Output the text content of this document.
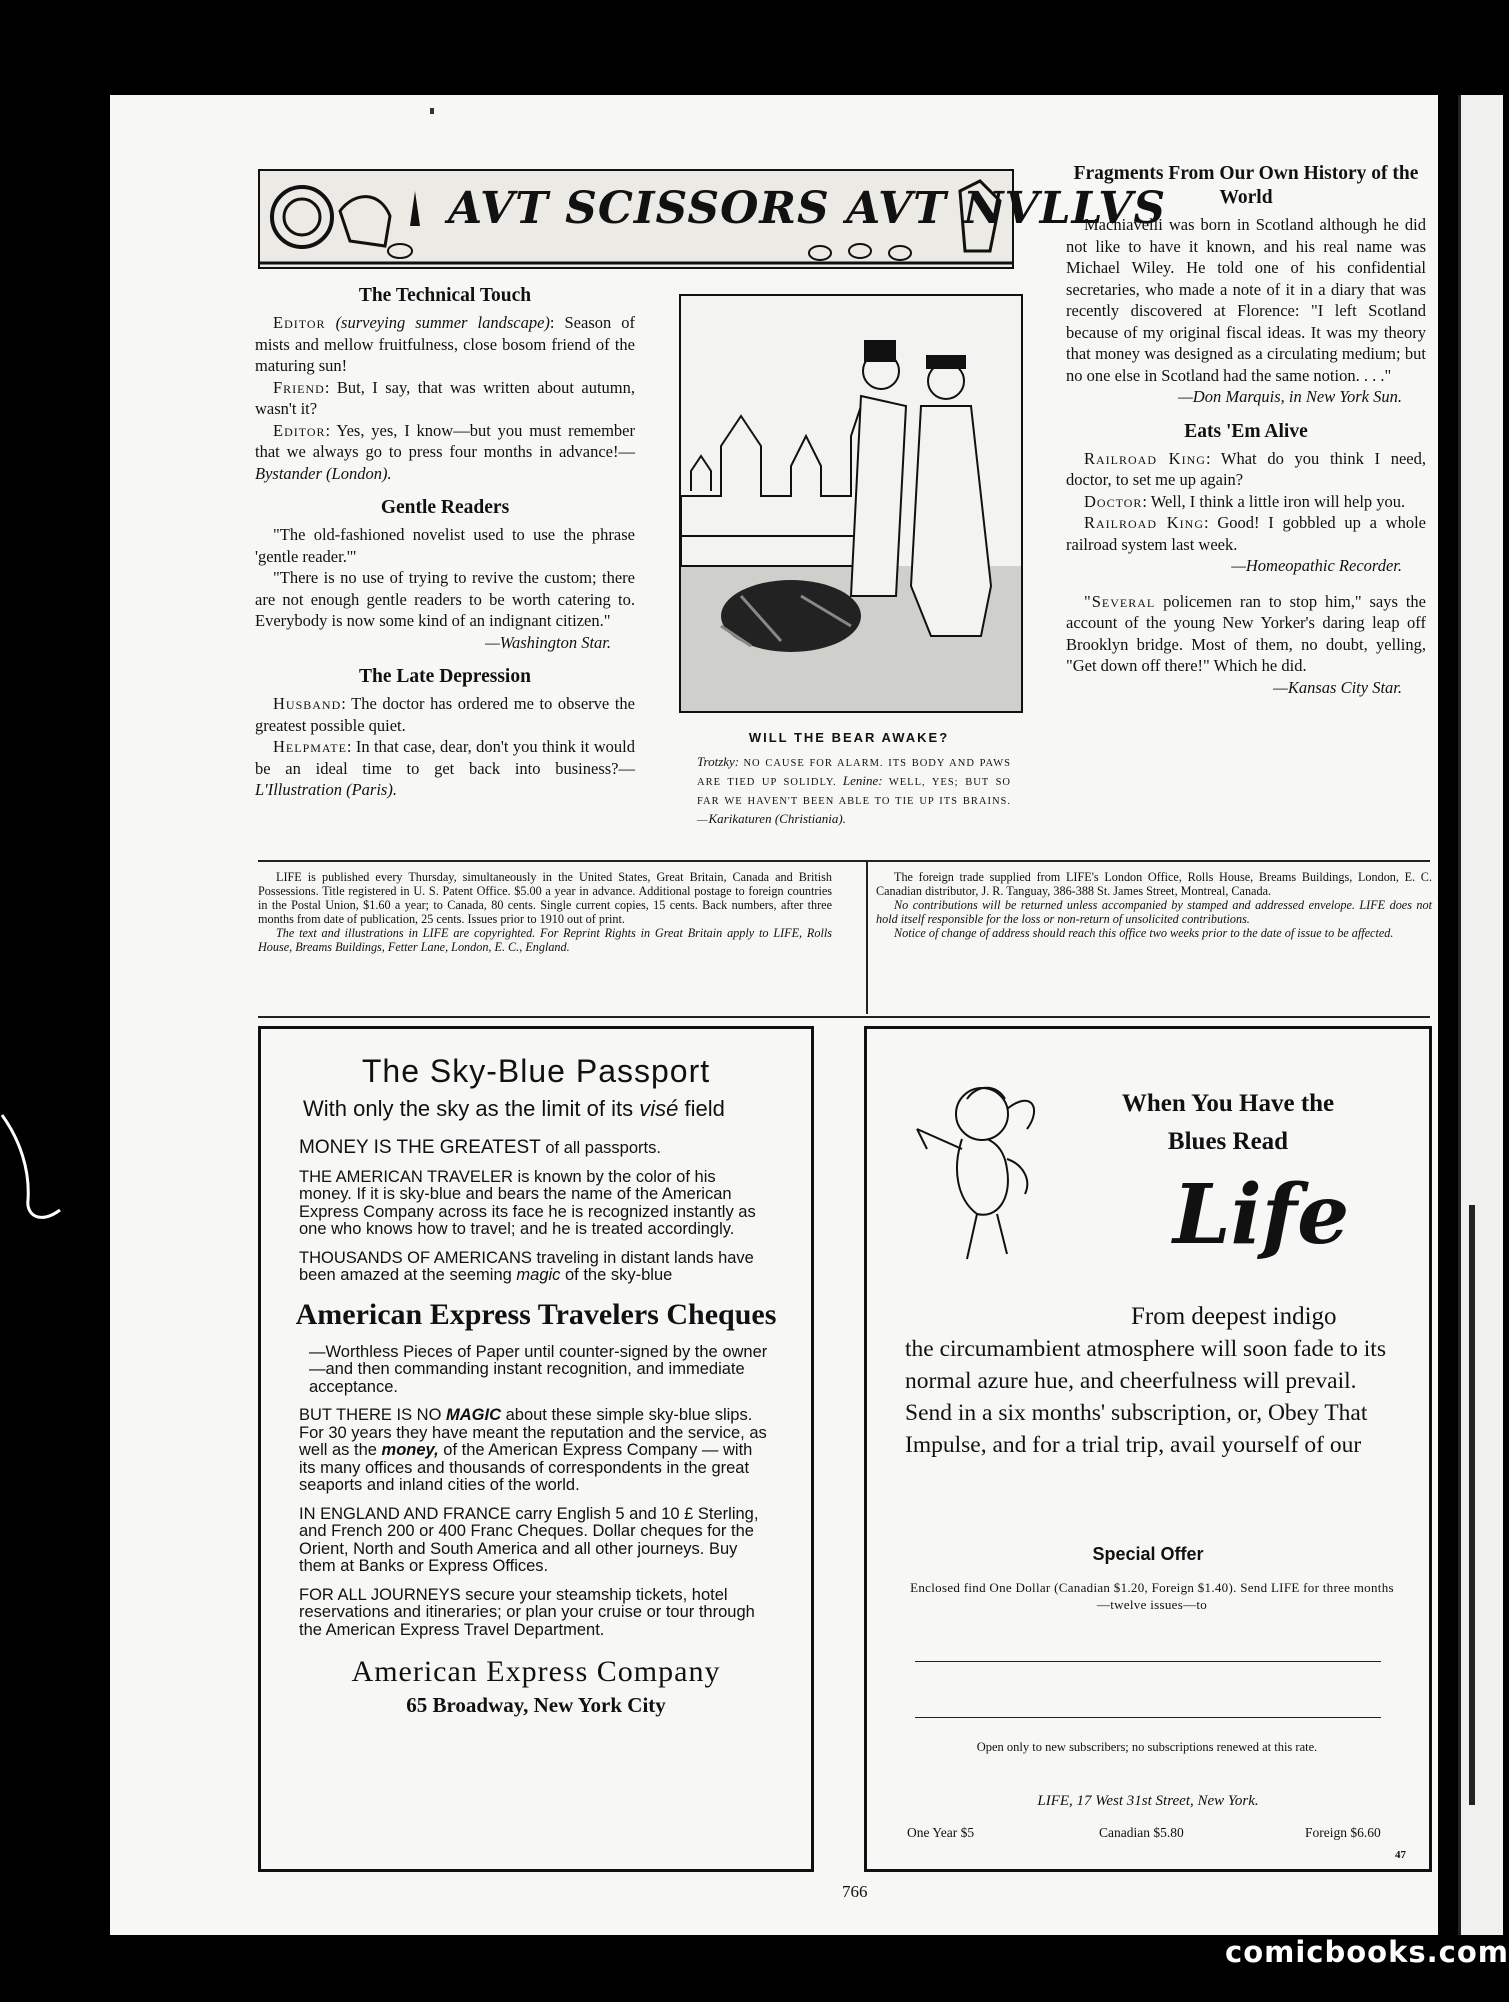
AVT SCISSORS AVT NVLLVS
The Technical Touch

Editor (surveying summer landscape): Season of mists and mellow fruitfulness, close bosom friend of the maturing sun!

Friend: But, I say, that was written about autumn, wasn't it?

Editor: Yes, yes, I know—but you must remember that we always go to press four months in advance!—Bystander (London).

Gentle Readers

"The old-fashioned novelist used to use the phrase 'gentle reader.'"

"There is no use of trying to revive the custom; there are not enough gentle readers to be worth catering to. Everybody is now some kind of an indignant citizen."

—Washington Star.

The Late Depression

Husband: The doctor has ordered me to observe the greatest possible quiet.

Helpmate: In that case, dear, don't you think it would be an ideal time to get back into business?—L'Illustration (Paris).

WILL THE BEAR AWAKE?
Trotzky: NO CAUSE FOR ALARM. ITS BODY AND PAWS ARE TIED UP SOLIDLY. Lenine: WELL, YES; BUT SO FAR WE HAVEN'T BEEN ABLE TO TIE UP ITS BRAINS.—Karikaturen (Christiania).
Fragments From Our Own History of the World

Machiavelli was born in Scotland although he did not like to have it known, and his real name was Michael Wiley. He told one of his confidential secretaries, who made a note of it in a diary that was recently discovered at Florence: "I left Scotland because of my original fiscal ideas. It was my theory that money was designed as a circulating medium; but no one else in Scotland had the same notion. . . ."

—Don Marquis, in New York Sun.

Eats 'Em Alive

Railroad King: What do you think I need, doctor, to set me up again?

Doctor: Well, I think a little iron will help you.

Railroad King: Good! I gobbled up a whole railroad system last week.

—Homeopathic Recorder.

"Several policemen ran to stop him," says the account of the young New Yorker's daring leap off Brooklyn bridge. Most of them, no doubt, yelling, "Get down off there!" Which he did.

—Kansas City Star.

LIFE is published every Thursday, simultaneously in the United States, Great Britain, Canada and British Possessions. Title registered in U. S. Patent Office. $5.00 a year in advance. Additional postage to foreign countries in the Postal Union, $1.60 a year; to Canada, 80 cents. Single current copies, 15 cents. Back numbers, after three months from date of publication, 25 cents. Issues prior to 1910 out of print.

The text and illustrations in LIFE are copyrighted. For Reprint Rights in Great Britain apply to LIFE, Rolls House, Breams Buildings, Fetter Lane, London, E. C., England.

The foreign trade supplied from LIFE's London Office, Rolls House, Breams Buildings, London, E. C. Canadian distributor, J. R. Tanguay, 386-388 St. James Street, Montreal, Canada.

No contributions will be returned unless accompanied by stamped and addressed envelope. LIFE does not hold itself responsible for the loss or non-return of unsolicited contributions.

Notice of change of address should reach this office two weeks prior to the date of issue to be affected.

The Sky-Blue Passport
With only the sky as the limit of its visé field

MONEY IS THE GREATEST of all passports.

THE AMERICAN TRAVELER is known by the color of his money. If it is sky-blue and bears the name of the American Express Company across its face he is recognized instantly as one who knows how to travel; and he is treated accordingly.

THOUSANDS OF AMERICANS traveling in distant lands have been amazed at the seeming magic of the sky-blue

American Express Travelers Cheques

—Worthless Pieces of Paper until counter-signed by the owner—and then commanding instant recognition, and immediate acceptance.

BUT THERE IS NO MAGIC about these simple sky-blue slips. For 30 years they have meant the reputation and the service, as well as the money, of the American Express Company — with its many offices and thousands of correspondents in the great seaports and inland cities of the world.

IN ENGLAND AND FRANCE carry English 5 and 10 £ Sterling, and French 200 or 400 Franc Cheques. Dollar cheques for the Orient, North and South America and all other journeys. Buy them at Banks or Express Offices.

FOR ALL JOURNEYS secure your steamship tickets, hotel reservations and itineraries; or plan your cruise or tour through the American Express Travel Department.

American Express Company
65 Broadway, New York City
When You Have the
Blues Read
Life
From deepest indigo
the circumambient atmosphere will soon fade to its normal azure hue, and cheerfulness will prevail. Send in a six months' subscription, or, Obey That Impulse, and for a trial trip, avail yourself of our
Special Offer
Enclosed find One Dollar (Canadian $1.20, Foreign $1.40). Send LIFE for three months—twelve issues—to
Open only to new subscribers; no subscriptions renewed at this rate.
LIFE, 17 West 31st Street, New York.
One Year $5	Canadian $5.80	Foreign $6.60
47
766
comicbooks.com
